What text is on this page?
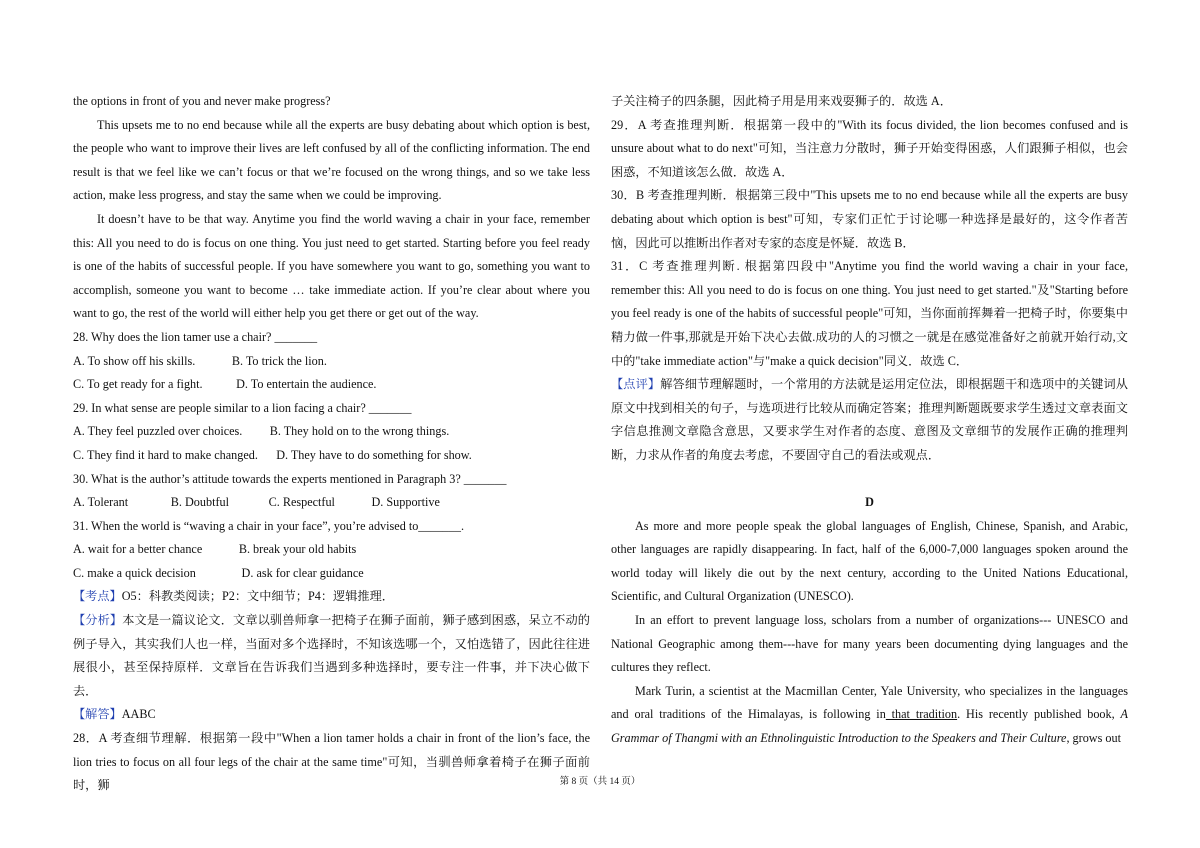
the options in front of you and never make progress?

This upsets me to no end because while all the experts are busy debating about which option is best, the people who want to improve their lives are left confused by all of the conflicting information. The end result is that we feel like we can’t focus or that we’re focused on the wrong things, and so we take less action, make less progress, and stay the same when we could be improving.

It doesn’t have to be that way. Anytime you find the world waving a chair in your face, remember this: All you need to do is focus on one thing. You just need to get started. Starting before you feel ready is one of the habits of successful people. If you have somewhere you want to go, something you want to accomplish, someone you want to become … take immediate action. If you’re clear about where you want to go, the rest of the world will either help you get there or get out of the way.

28. Why does the lion tamer use a chair? _______

A. To show off his skills.            B. To trick the lion.

C. To get ready for a fight.           D. To entertain the audience.

29. In what sense are people similar to a lion facing a chair? _______

A. They feel puzzled over choices.         B. They hold on to the wrong things.

C. They find it hard to make changed.      D. They have to do something for show.

30. What is the author’s attitude towards the experts mentioned in Paragraph 3? _______

A. Tolerant              B. Doubtful             C. Respectful            D. Supportive

31. When the world is “waving a chair in your face”, you’re advised to_______.

A. wait for a better chance            B. break your old habits

C. make a quick decision               D. ask for clear guidance

【考点】O5：科教类阅读；P2：文中细节；P4：逻辑推理．

【分析】本文是一篇议论文．文章以驯兽师拿一把椅子在狮子面前，狮子感到困惑，呆立不动的例子导入，其实我们人也一样，当面对多个选择时，不知该选哪一个，又怕选错了，因此往往进展很小，甚至保持原样．文章旨在告诉我们当遇到多种选择时，要专注一件事，并下决心做下去．

【解答】AABC

28．A 考查细节理解．根据第一段中"When a lion tamer holds a chair in front of the lion’s face, the lion tries to focus on all four legs of the chair at the same time"可知，当驯兽师拿着椅子在狮子面前时，狮

子关注椅子的四条腿，因此椅子用是用来戏耍狮子的．故选 A．

29．A 考查推理判断．根据第一段中的"With its focus divided, the lion becomes confused and is unsure about what to do next"可知，当注意力分散时，狮子开始变得困惑，人们跟狮子相似，也会困惑，不知道该怎么做．故选 A．

30．B 考查推理判断．根据第三段中"This upsets me to no end because while all the experts are busy debating about which option is best"可知，专家们正忙于讨论哪一种选择是最好的，这令作者苦恼，因此可以推断出作者对专家的态度是怀疑．故选 B．

31．C 考查推理判断. 根据第四段中"Anytime you find the world waving a chair in your face, remember this: All you need to do is focus on one thing. You just need to get started."及"Starting before you feel ready is one of the habits of successful people"可知，当你面前挥舞着一把椅子时，你要集中精力做一件事,那就是开始下决心去做.成功的人的习惯之一就是在感觉准备好之前就开始行动,文中的"take immediate action"与"make a quick decision"同义．故选 C．

【点评】解答细节理解题时，一个常用的方法就是运用定位法，即根据题干和选项中的关键词从原文中找到相关的句子，与选项进行比较从而确定答案；推理判断题既要求学生透过文章表面文字信息推测文章隐含意思，又要求学生对作者的态度、意图及文章细节的发展作正确的推理判断，力求从作者的角度去考虑，不要固守自己的看法或观点．

D

As more and more people speak the global languages of English, Chinese, Spanish, and Arabic, other languages are rapidly disappearing. In fact, half of the 6,000-7,000 languages spoken around the world today will likely die out by the next century, according to the United Nations Educational, Scientific, and Cultural Organization (UNESCO).

In an effort to prevent language loss, scholars from a number of organizations--- UNESCO and National Geographic among them---have for many years been documenting dying languages and the cultures they reflect.

Mark Turin, a scientist at the Macmillan Center, Yale University, who specializes in the languages and oral traditions of the Himalayas, is following in that tradition. His recently published book, A Grammar of Thangmi with an Ethnolinguistic Introduction to the Speakers and Their Culture, grows out

第 8 页（共 14 页）
